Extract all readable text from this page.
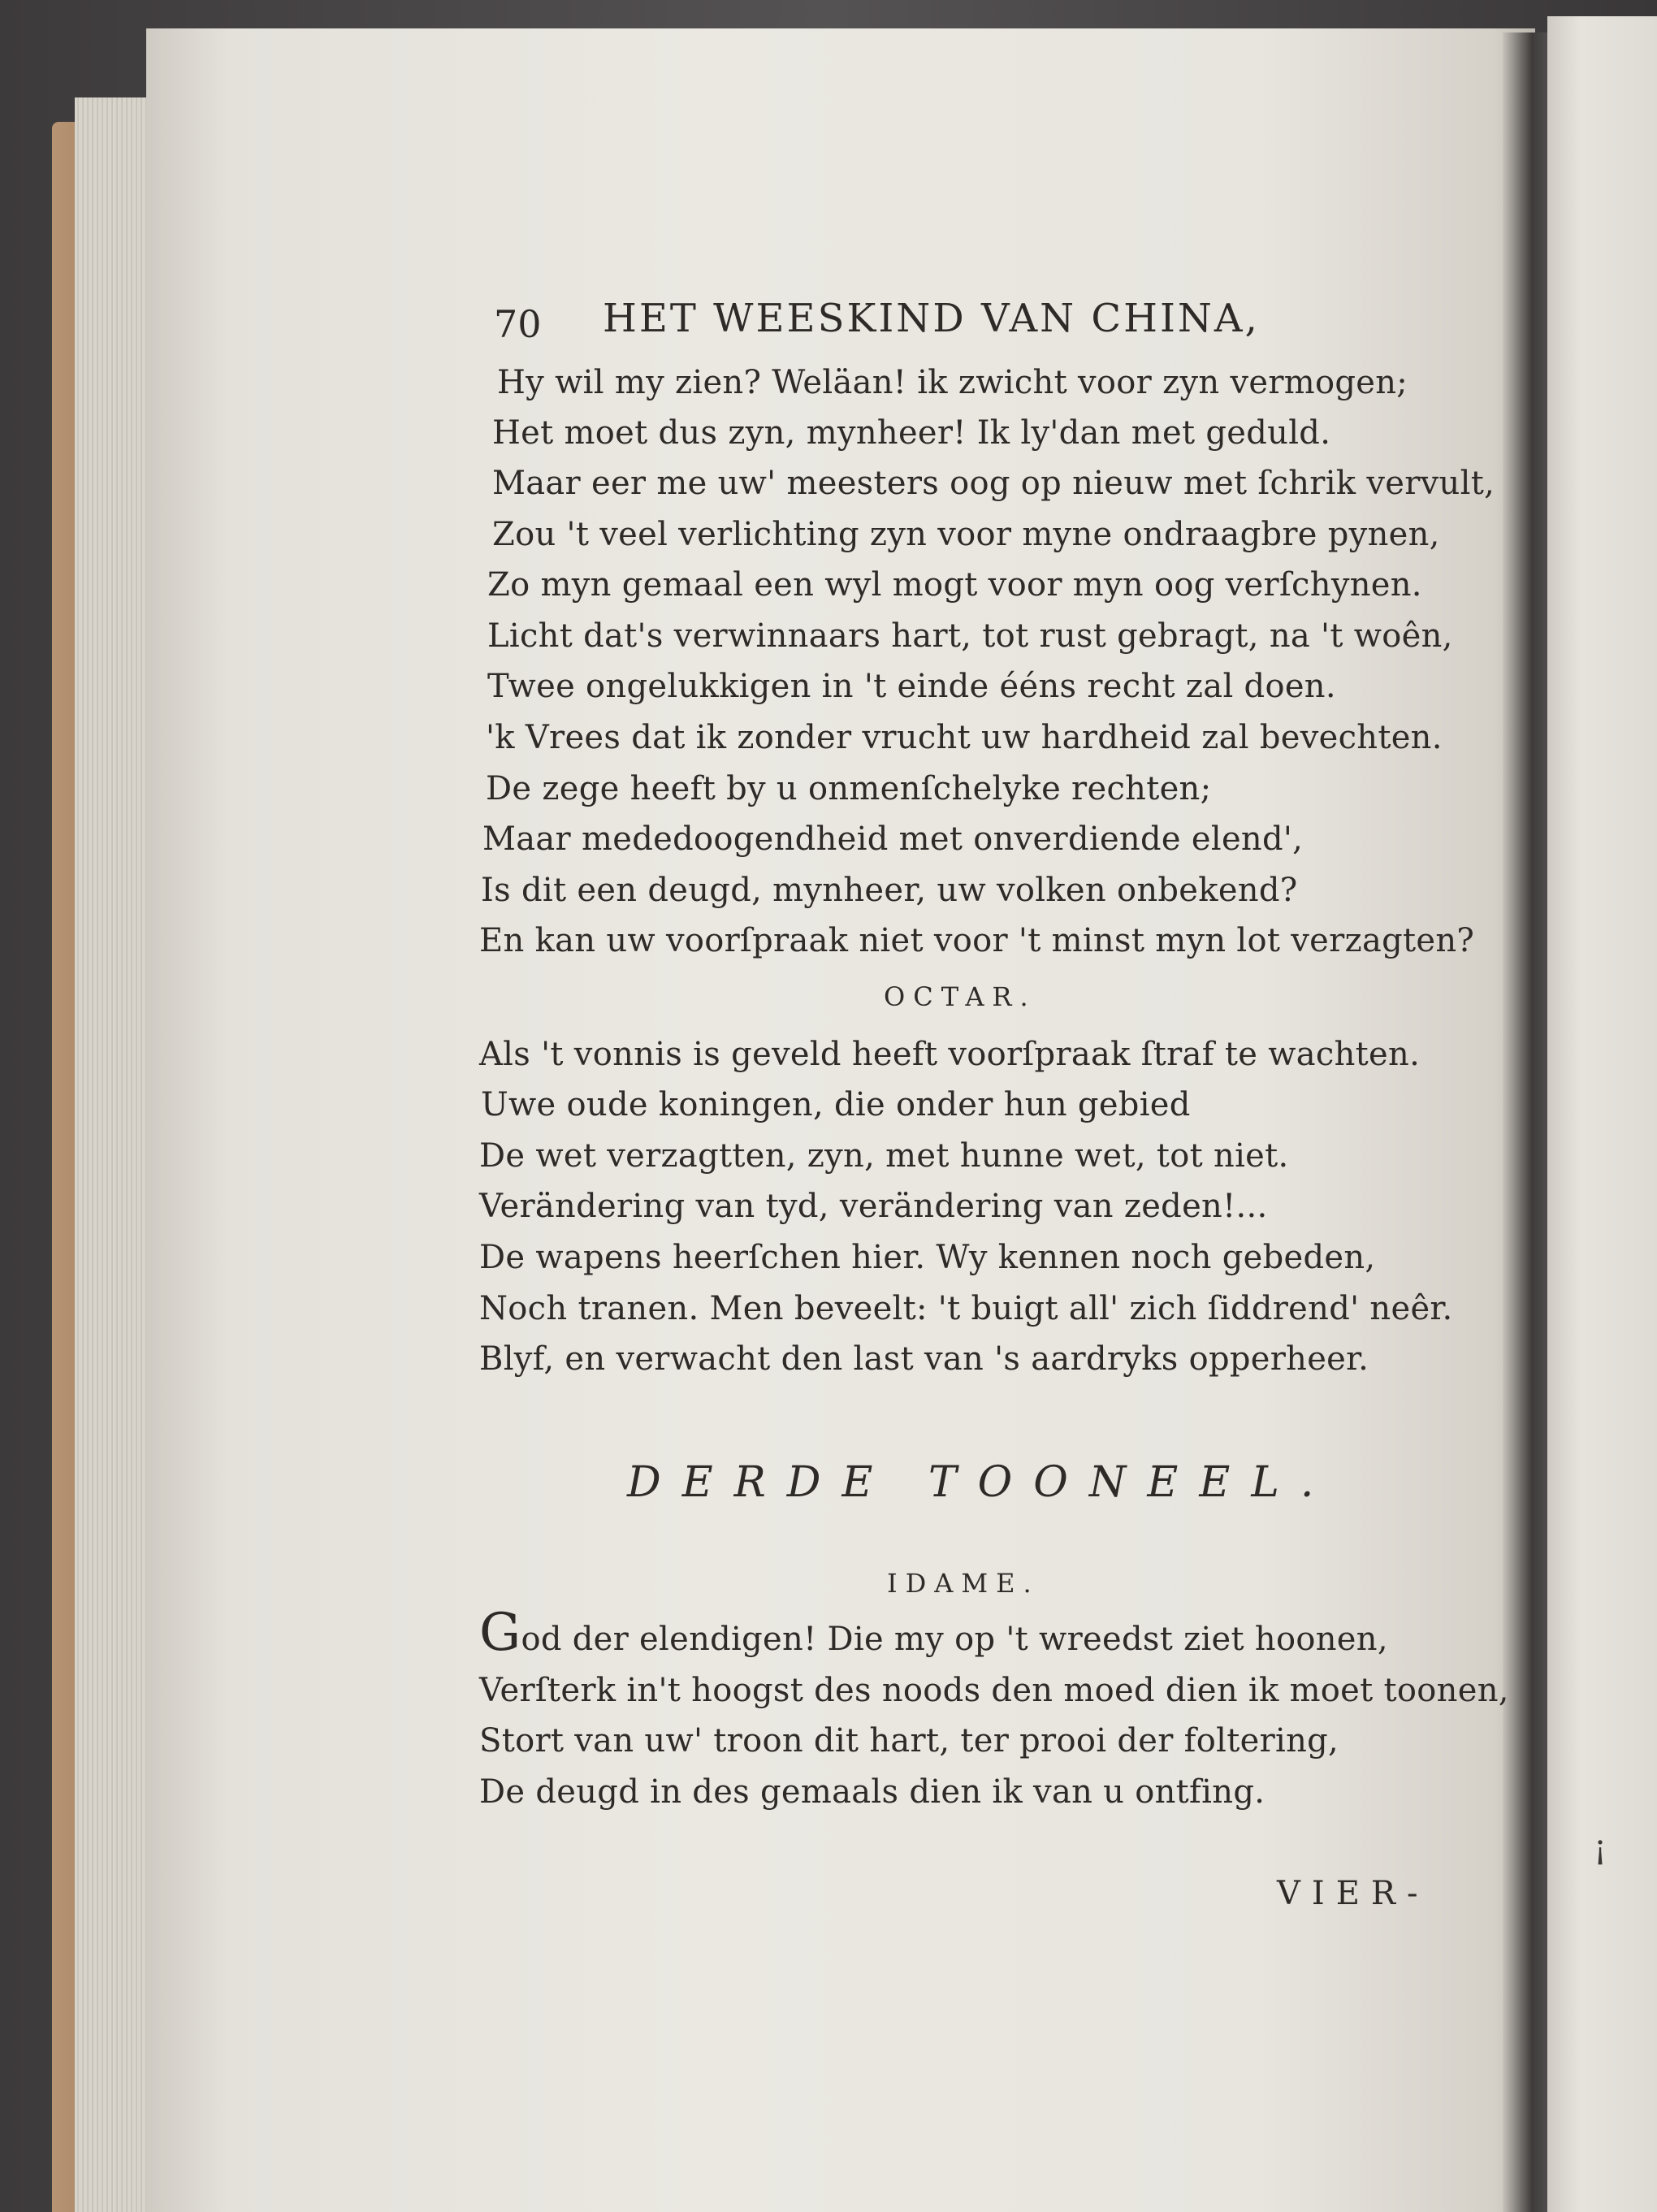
70 HET WEESKIND VAN CHINA,
Hy wil my zien? Weläan! ik zwicht voor zyn vermogen;
Het moet dus zyn, mynheer! Ik ly'dan met geduld.
Maar eer me uw' meesters oog op nieuw met ſchrik vervult,
Zou 't veel verlichting zyn voor myne ondraagbre pynen,
Zo myn gemaal een wyl mogt voor myn oog verſchynen.
Licht dat's verwinnaars hart, tot rust gebragt, na 't woên,
Twee ongelukkigen in 't einde ééns recht zal doen.
'k Vrees dat ik zonder vrucht uw hardheid zal bevechten.
De zege heeft by u onmenſchelyke rechten;
Maar mededoogendheid met onverdiende elend',
Is dit een deugd, mynheer, uw volken onbekend?
En kan uw voorſpraak niet voor 't minst myn lot verzagten?
OCTAR.
Als 't vonnis is geveld heeft voorſpraak ſtraf te wachten.
Uwe oude koningen, die onder hun gebied
De wet verzagtten, zyn, met hunne wet, tot niet.
Verändering van tyd, verändering van zeden!...
De wapens heerſchen hier. Wy kennen noch gebeden,
Noch tranen. Men beveelt: 't buigt all' zich ſiddrend' neêr.
Blyf, en verwacht den last van 's aardryks opperheer.
DERDE TOONEEL.
IDAME.
God der elendigen! Die my op 't wreedst ziet hoonen,
Verſterk in't hoogst des noods den moed dien ik moet toonen,
Stort van uw' troon dit hart, ter prooi der foltering,
De deugd in des gemaals dien ik van u ontfing.
VIER-
¡
